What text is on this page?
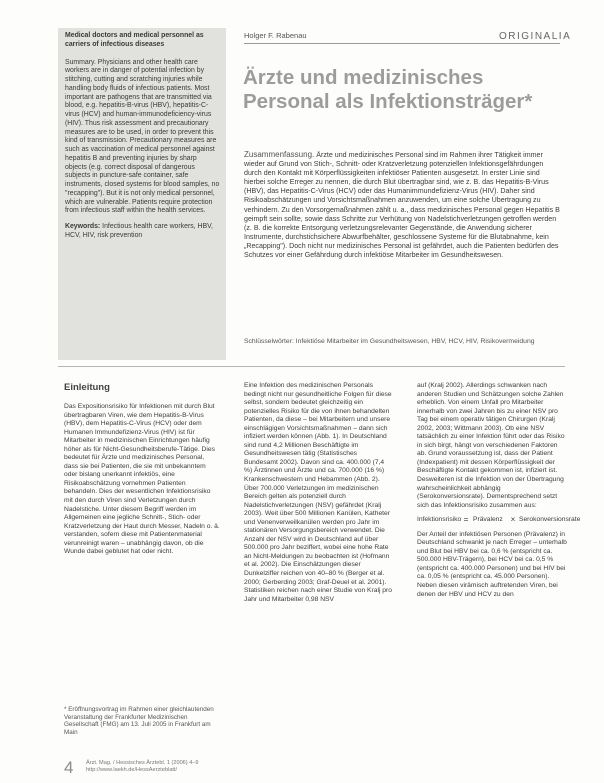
Medical doctors and medical personnel as carriers of infectious diseases
Summary. Physicians and other health care workers are in danger of potential infection by stitching, cutting and scratching injuries while handling body fluids of infectious patients. Most important are pathogens that are transmitted via blood, e.g. hepatitis-B-virus (HBV), hepatitis-C-virus (HCV) and human-immunodeficiency-virus (HIV). Thus risk assessment and precautionary measures are to be used, in order to prevent this kind of transmission. Precautionary measures are such as vaccination of medical personnel against hepatitis B and preventing injuries by sharp objects (e.g. correct disposal of dangerous subjects in puncture-safe container, safe instruments, closed systems for blood samples, no "recapping"). But it is not only medical personnel, which are vulnerable. Patients require protection from infectious staff within the health services.
Keywords: Infectious health care workers, HBV, HCV, HIV, risk prevention
Holger F. Rabenau	ORIGINALIA
Ärzte und medizinisches Personal als Infektionsträger*
Zusammenfassung. Ärzte und medizinisches Personal sind im Rahmen ihrer Tätigkeit immer wieder auf Grund von Stich-, Schnitt- oder Kratzverletzung potenziellen Infektionsgefährdungen durch den Kontakt mit Körperflüssigkeiten infektiöser Patienten ausgesetzt. In erster Linie sind hierbei solche Erreger zu nennen, die durch Blut übertragbar sind, wie z. B. das Hepatitis-B-Virus (HBV), das Hepatitis-C-Virus (HCV) oder das Humanimmundefizienz-Virus (HIV). Daher sind Risikoabschätzungen und Vorsichtsmaßnahmen anzuwenden, um eine solche Übertragung zu verhindern. Zu den Vorsorgemaßnahmen zählt u. a., dass medizinisches Personal gegen Hepatitis B geimpft sein sollte, sowie dass Schritte zur Verhütung von Nadelstichverletzungen getroffen werden (z. B. die korrekte Entsorgung verletzungsrelevanter Gegenstände, die Anwendung sicherer Instrumente, durchstichsichere Abwurfbehälter, geschlossene Systeme für die Blutabnahme, kein „Recapping"). Doch nicht nur medizinisches Personal ist gefährdet, auch die Patienten bedürfen des Schutzes vor einer Gefährdung durch infektiöse Mitarbeiter im Gesundheitswesen.
Schlüsselwörter: Infektiöse Mitarbeiter im Gesundheitswesen, HBV, HCV, HIV, Risikovermeidung
Einleitung

Das Expositionsrisiko für Infektionen mit durch Blut übertragbaren Viren, wie dem Hepatitis-B-Virus (HBV), dem Hepatitis-C-Virus (HCV) oder dem Humanen Immundefizienz-Virus (HIV) ist für Mitarbeiter in medizinischen Einrichtungen häufig höher als für Nicht-Gesundheitsberufe-Tätige. Dies bedeutet für Ärzte und medizinisches Personal, dass sie bei Patienten, die sie mit unbekanntem oder bislang unerkannt infektiös, eine Risikoabschätzung vornehmen Patienten behandeln. Dies der wesentlichen Infektionsrisiko mit den durch Viren sind Verletzungen durch Nadelstiche. Unter diesem Begriff werden im Allgemeinen eine jegliche Schnitt-, Stich- oder Kratzverletzung der Haut durch Messer, Nadeln o. ä. verstanden, sofern diese mit Patientenmaterial verunreinigt waren – unabhängig davon, ob die Wunde dabei geblutet hat oder nicht.

Eine Infektion des medizinischen Personals bedingt nicht nur gesundheitliche Folgen für diese selbst, sondern bedeutet gleichzeitig ein potenzielles Risiko für die von ihnen behandelten Patienten, da diese – bei Mitarbeitern und unsere einschlägigen Vorsichtsmaßnahmen – dann sich infiziert werden können (Abb. 1). In Deutschland sind rund 4,2 Millionen Beschäftigte im Gesundheitswesen tätig (Statistisches Bundesamt 2002). Davon sind ca. 400.000 (7,4 %) Ärztinnen und Ärzte und ca. 700.000 (16 %) Krankenschwestern und Hebammen (Abb. 2). Über 700.000 Verletzungen im medizinischen Bereich gelten als potenziell durch Nadelstichverletzungen (NSV) gefährdet (Kralj 2003). Weit über 500 Millionen Kanülen, Katheter und Venenverweilkanülen werden pro Jahr im stationären Versorgungsbereich verwendet. Die Anzahl der NSV wird in Deutschland auf über 500.000 pro Jahr beziffert, wobei eine hohe Rate an Nicht-Meldungen zu beobachten ist (Hofmann et al. 2002). Die Einschätzungen dieser Dunkelziffer reichen von 40–80 % (Berger et al. 2000; Gerberding 2003; Graf-Deuel et al. 2001). Statistiken reichen nach einer Studie von Kralj pro Jahr und Mitarbeiter 0,98 NSV

auf (Kralj 2002). Allerdings schwanken nach anderen Studien und Schätzungen solche Zahlen erheblich. Von einem Unfall pro Mitarbeiter innerhalb von zwei Jahren bis zu einer NSV pro Tag bei einem operativ tätigen Chirurgen (Kralj 2002, 2003; Wittmann 2003). Ob eine NSV tatsächlich zu einer Infektion führt oder das Risiko in sich birgt, hängt von verschiedenen Faktoren ab. Grund voraussetzung ist, dass der Patient (Indexpatient) mit dessen Körperflüssigkeit der Beschäftigte Kontakt gekommen ist, infiziert ist. Desweiteren ist die Infektion von der Übertragung wahrscheinlichkeit abhängig (Serokonversionsrate). Dementsprechend setzt sich das Infektionsrisiko zusammen aus:

Infektionsrisiko = Prävalenz × Serokonversionsrate

Der Anteil der infektiösen Personen (Prävalenz) in Deutschland schwankt je nach Erreger – unterhalb und Blut bei HBV bei ca. 0,6 % (entspricht ca. 500.000 HBV-Trägern), bei HCV bei ca. 0,5 % (entspricht ca. 400.000 Personen) und bei HIV bei ca. 0,05 % (entspricht ca. 45.000 Personen). Neben diesen virämisch auftretenden Viren, bei denen der HBV und HCV zu den

* Eröffnungsvortrag im Rahmen einer gleichlautenden Veranstaltung der Frankfurter Medizinischen Gesellschaft (FMG) am 13. Juli 2005 in Frankfurt am Main
4 Ärzt. Mag. / Hessisches Ärztebl. 1 (2006) 4–9
http://www.laekh.de/HessAerzteblatt/
